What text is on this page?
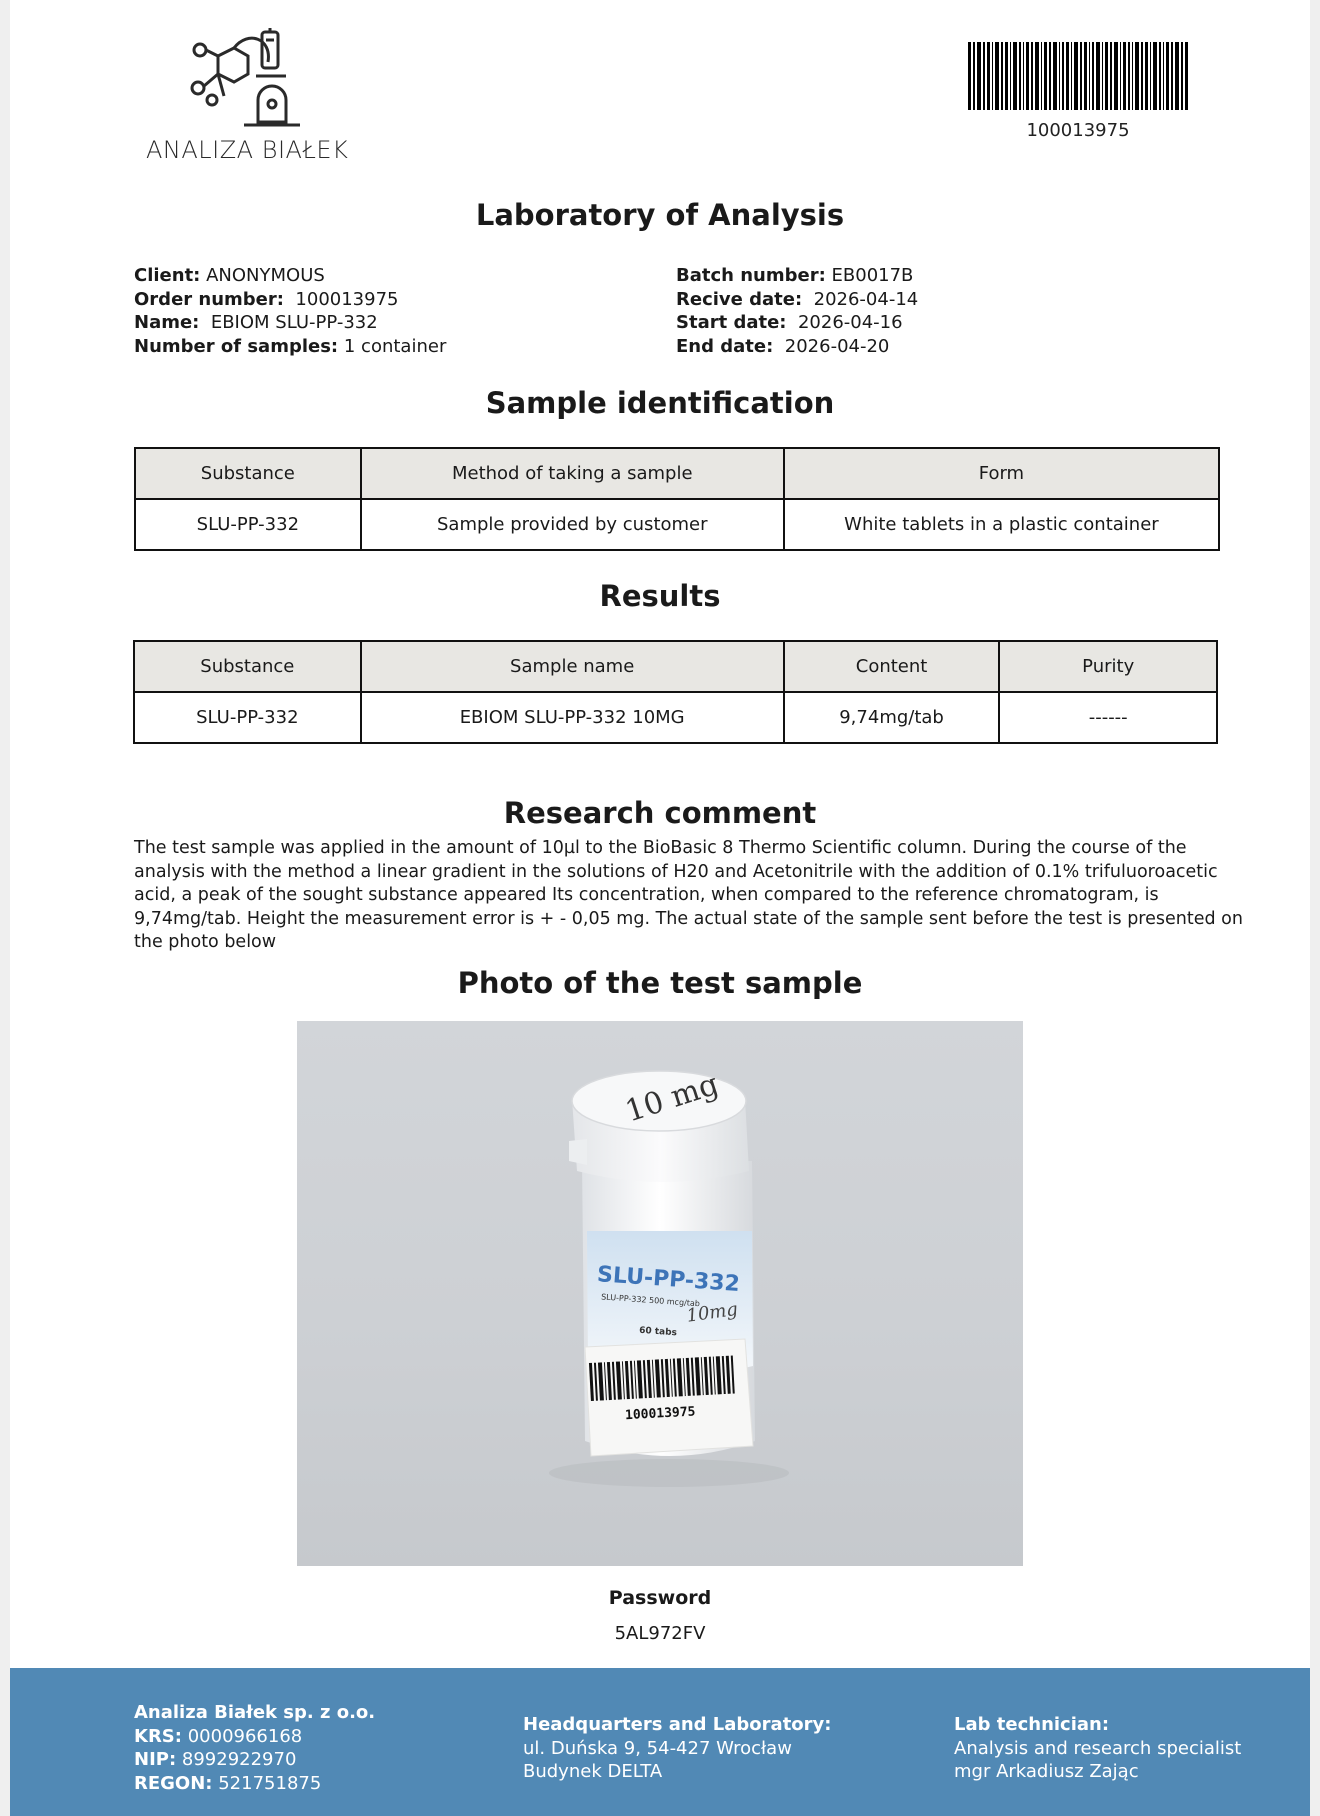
ANALIZA BIAŁEK
100013975
Laboratory of Analysis
Client: ANONYMOUS
Order number: 100013975
Name: EBIOM SLU-PP-332
Number of samples: 1 container
Batch number: EB0017B
Recive date: 2026-04-14
Start date: 2026-04-16
End date: 2026-04-20
Sample identification
Substance	Method of taking a sample	Form
SLU-PP-332	Sample provided by customer	White tablets in a plastic container
Results
Substance	Sample name	Content	Purity
SLU-PP-332	EBIOM SLU-PP-332 10MG	9,74mg/tab	------
Research comment

The test sample was applied in the amount of 10µl to the BioBasic 8 Thermo Scientific column. During the course of the analysis with the method a linear gradient in the solutions of H20 and Acetonitrile with the addition of 0.1% trifuluoroacetic acid, a peak of the sought substance appeared Its concentration, when compared to the reference chromatogram, is 9,74mg/tab. Height the measurement error is + - 0,05 mg. The actual state of the sample sent before the test is presented on the photo below

Photo of the test sample
10 mg
SLU-PP-332
SLU-PP-332 500 mcg/tab
10mg
60 tabs
100013975
Password
5AL972FV
Analiza Białek sp. z o.o.
KRS: 0000966168
NIP: 8992922970
REGON: 521751875
Headquarters and Laboratory:
ul. Duńska 9, 54-427 Wrocław
Budynek DELTA
Lab technician:
Analysis and research specialist
mgr Arkadiusz Zając
